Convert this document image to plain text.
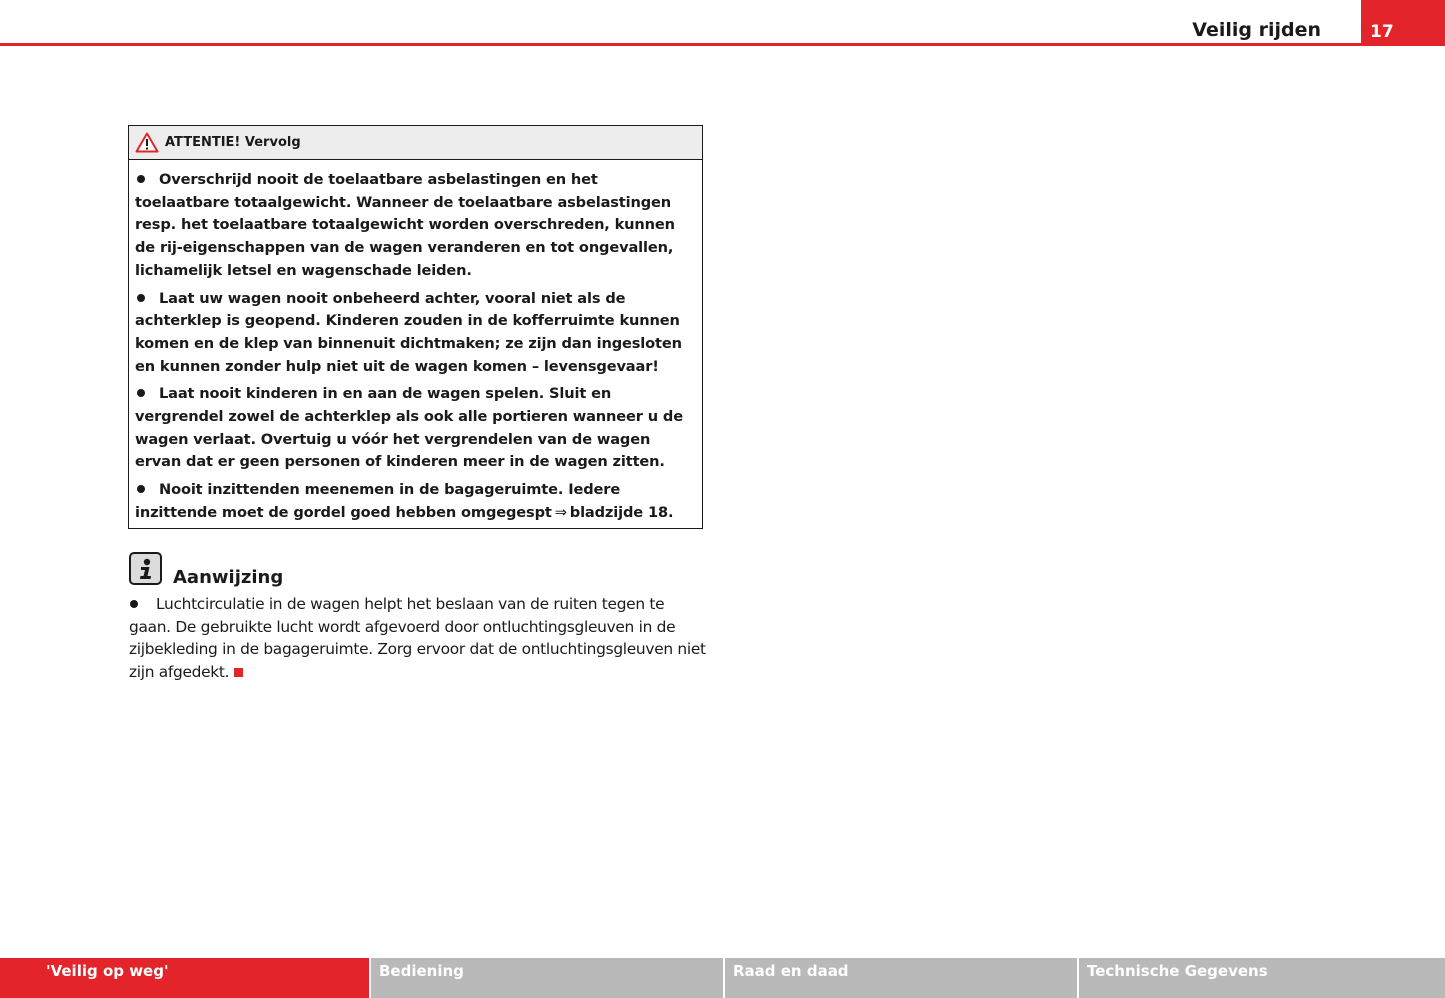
Veilig rijden	17
ATTENTIE! Vervolg
Overschrijd nooit de toelaatbare asbelastingen en het toelaatbare totaalgewicht. Wanneer de toelaatbare asbelastingen resp. het toelaatbare totaalgewicht worden overschreden, kunnen de rij-eigenschappen van de wagen veranderen en tot ongevallen, lichamelijk letsel en wagenschade leiden.
Laat uw wagen nooit onbeheerd achter, vooral niet als de achterklep is geopend. Kinderen zouden in de kofferruimte kunnen komen en de klep van binnenuit dichtmaken; ze zijn dan ingesloten en kunnen zonder hulp niet uit de wagen komen – levensgevaar!
Laat nooit kinderen in en aan de wagen spelen. Sluit en vergrendel zowel de achterklep als ook alle portieren wanneer u de wagen verlaat. Overtuig u vóór het vergrendelen van de wagen ervan dat er geen personen of kinderen meer in de wagen zitten.
Nooit inzittenden meenemen in de bagageruimte. Iedere inzittende moet de gordel goed hebben omgegespt ⇒ bladzijde 18.
Aanwijzing
Luchtcirculatie in de wagen helpt het beslaan van de ruiten tegen te gaan. De gebruikte lucht wordt afgevoerd door ontluchtingsgleuven in de zijbekleding in de bagageruimte. Zorg ervoor dat de ontluchtingsgleuven niet zijn afgedekt.
'Veilig op weg'	Bediening	Raad en daad	Technische Gegevens
